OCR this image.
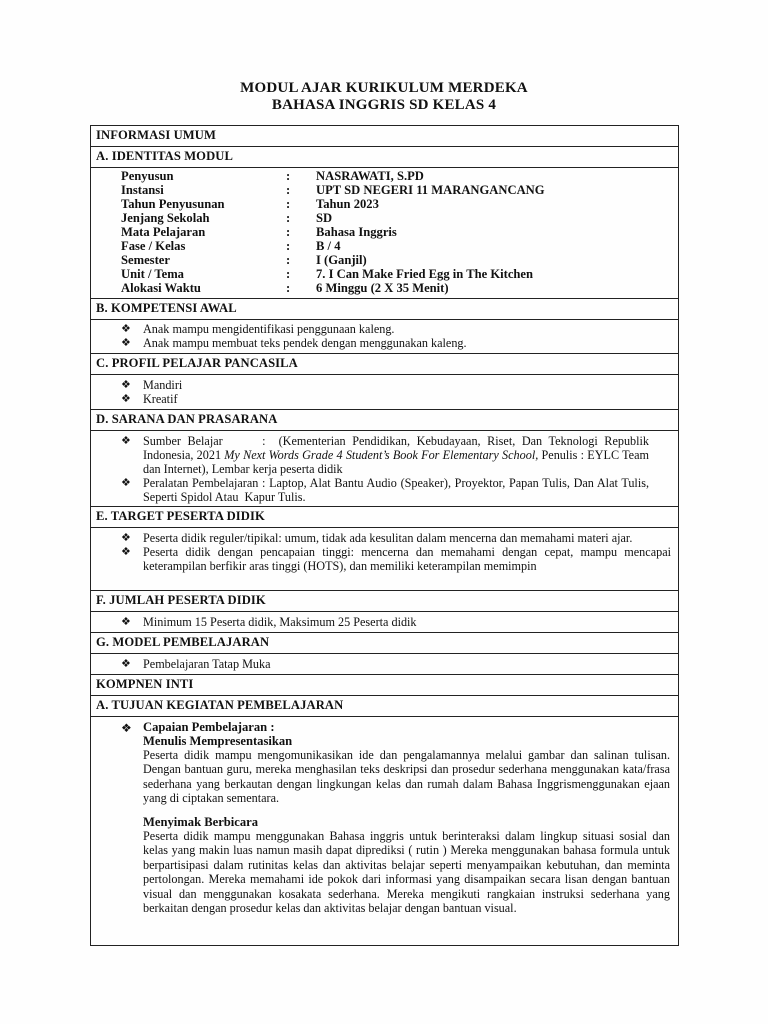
MODUL AJAR KURIKULUM MERDEKA
BAHASA INGGRIS SD KELAS 4
INFORMASI UMUM
A. IDENTITAS MODUL
B. KOMPETENSI AWAL
C. PROFIL PELAJAR PANCASILA
D. SARANA DAN PRASARANA
E. TARGET PESERTA DIDIK
F. JUMLAH PESERTA DIDIK
G. MODEL PEMBELAJARAN
KOMPNEN INTI
A. TUJUAN KEGIATAN PEMBELAJARAN
Penyusun	: NASRAWATI, S.PD
Instansi	: UPT SD NEGERI 11 MARANGANCANG
Tahun Penyusunan	: Tahun 2023
Jenjang Sekolah	: SD
Mata Pelajaran	: Bahasa Inggris
Fase / Kelas	: B / 4
Semester	: I (Ganjil)
Unit / Tema	: 7. I Can Make Fried Egg in The Kitchen
Alokasi Waktu	: 6 Minggu (2 X 35 Menit)
❖ Anak mampu mengidentifikasi penggunaan kaleng.
❖ Anak mampu membuat teks pendek dengan menggunakan kaleng.
❖ Mandiri
❖ Kreatif
❖ Sumber Belajar      :  (Kementerian Pendidikan, Kebudayaan, Riset, Dan Teknologi Republik Indonesia, 2021 My Next Words Grade 4 Student’s Book For Elementary School, Penulis : EYLC Team dan Internet), Lembar kerja peserta didik
❖ Peralatan Pembelajaran : Laptop, Alat Bantu Audio (Speaker), Proyektor, Papan Tulis, Dan Alat Tulis, Seperti Spidol Atau  Kapur Tulis.
❖ Peserta didik reguler/tipikal: umum, tidak ada kesulitan dalam mencerna dan memahami materi ajar.
❖ Peserta didik dengan pencapaian tinggi: mencerna dan memahami dengan cepat, mampu mencapai keterampilan berfikir aras tinggi (HOTS), dan memiliki keterampilan memimpin
❖ Minimum 15 Peserta didik, Maksimum 25 Peserta didik
❖ Pembelajaran Tatap Muka
❖ Capaian Pembelajaran :
Menulis Mempresentasikan
Peserta didik mampu mengomunikasikan ide dan pengalamannya melalui gambar dan salinan tulisan. Dengan bantuan guru, mereka menghasilan teks deskripsi dan prosedur sederhana menggunakan kata/frasa sederhana yang berkautan dengan lingkungan kelas dan rumah dalam Bahasa Inggrismenggunakan ejaan yang di ciptakan sementara.
Menyimak Berbicara
Peserta didik mampu menggunakan Bahasa inggris untuk berinteraksi dalam lingkup situasi sosial dan kelas yang makin luas namun masih dapat diprediksi ( rutin ) Mereka menggunakan bahasa formula untuk berpartisipasi dalam rutinitas kelas dan aktivitas belajar seperti menyampaikan kebutuhan, dan meminta pertolongan. Mereka memahami ide pokok dari informasi yang disampaikan secara lisan dengan bantuan visual dan menggunakan kosakata sederhana. Mereka mengikuti rangkaian instruksi sederhana yang berkaitan dengan prosedur kelas dan aktivitas belajar dengan bantuan visual.
